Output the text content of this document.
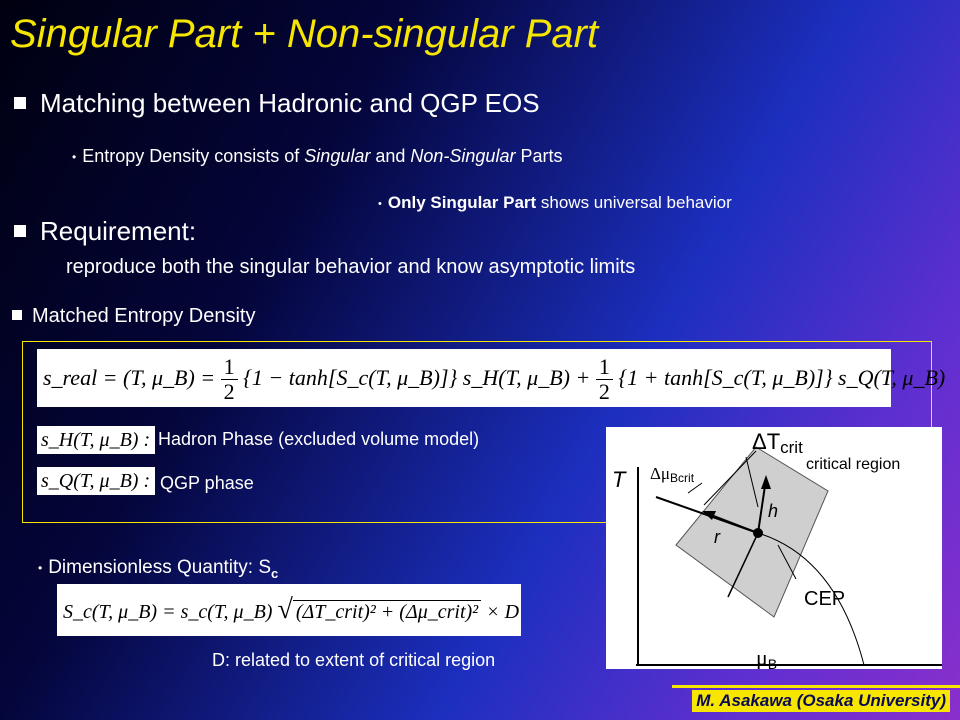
Singular Part + Non-singular Part
Matching between Hadronic and QGP EOS
• Entropy Density consists of Singular and Non-Singular Parts
• Only Singular Part shows universal behavior
Requirement:
reproduce both the singular behavior and know asymptotic limits
Matched Entropy Density
s_real = (T, μ_B) = $\frac{1}{2} \{1$ − tanh[S_c(T, μ_B)]} s_H(T, μ_B) + $\frac{1}{2} \{1$ + tanh[S_c(T, μ_B)]} s_Q(T, μ_B)
s_H(T, μ_B) : Hadron Phase (excluded volume model)
s_Q(T, μ_B) : QGP phase
• Dimensionless Quantity: $S_c$
S_c(T, μ_B) = s_c(T, μ_B) √ (ΔT_crit)² + (Δμ_crit)² × D
D: related to extent of critical region
T
μB
ΔTcrit
critical region
ΔμBcrit
h
r
CEP
M. Asakawa (Osaka University)
